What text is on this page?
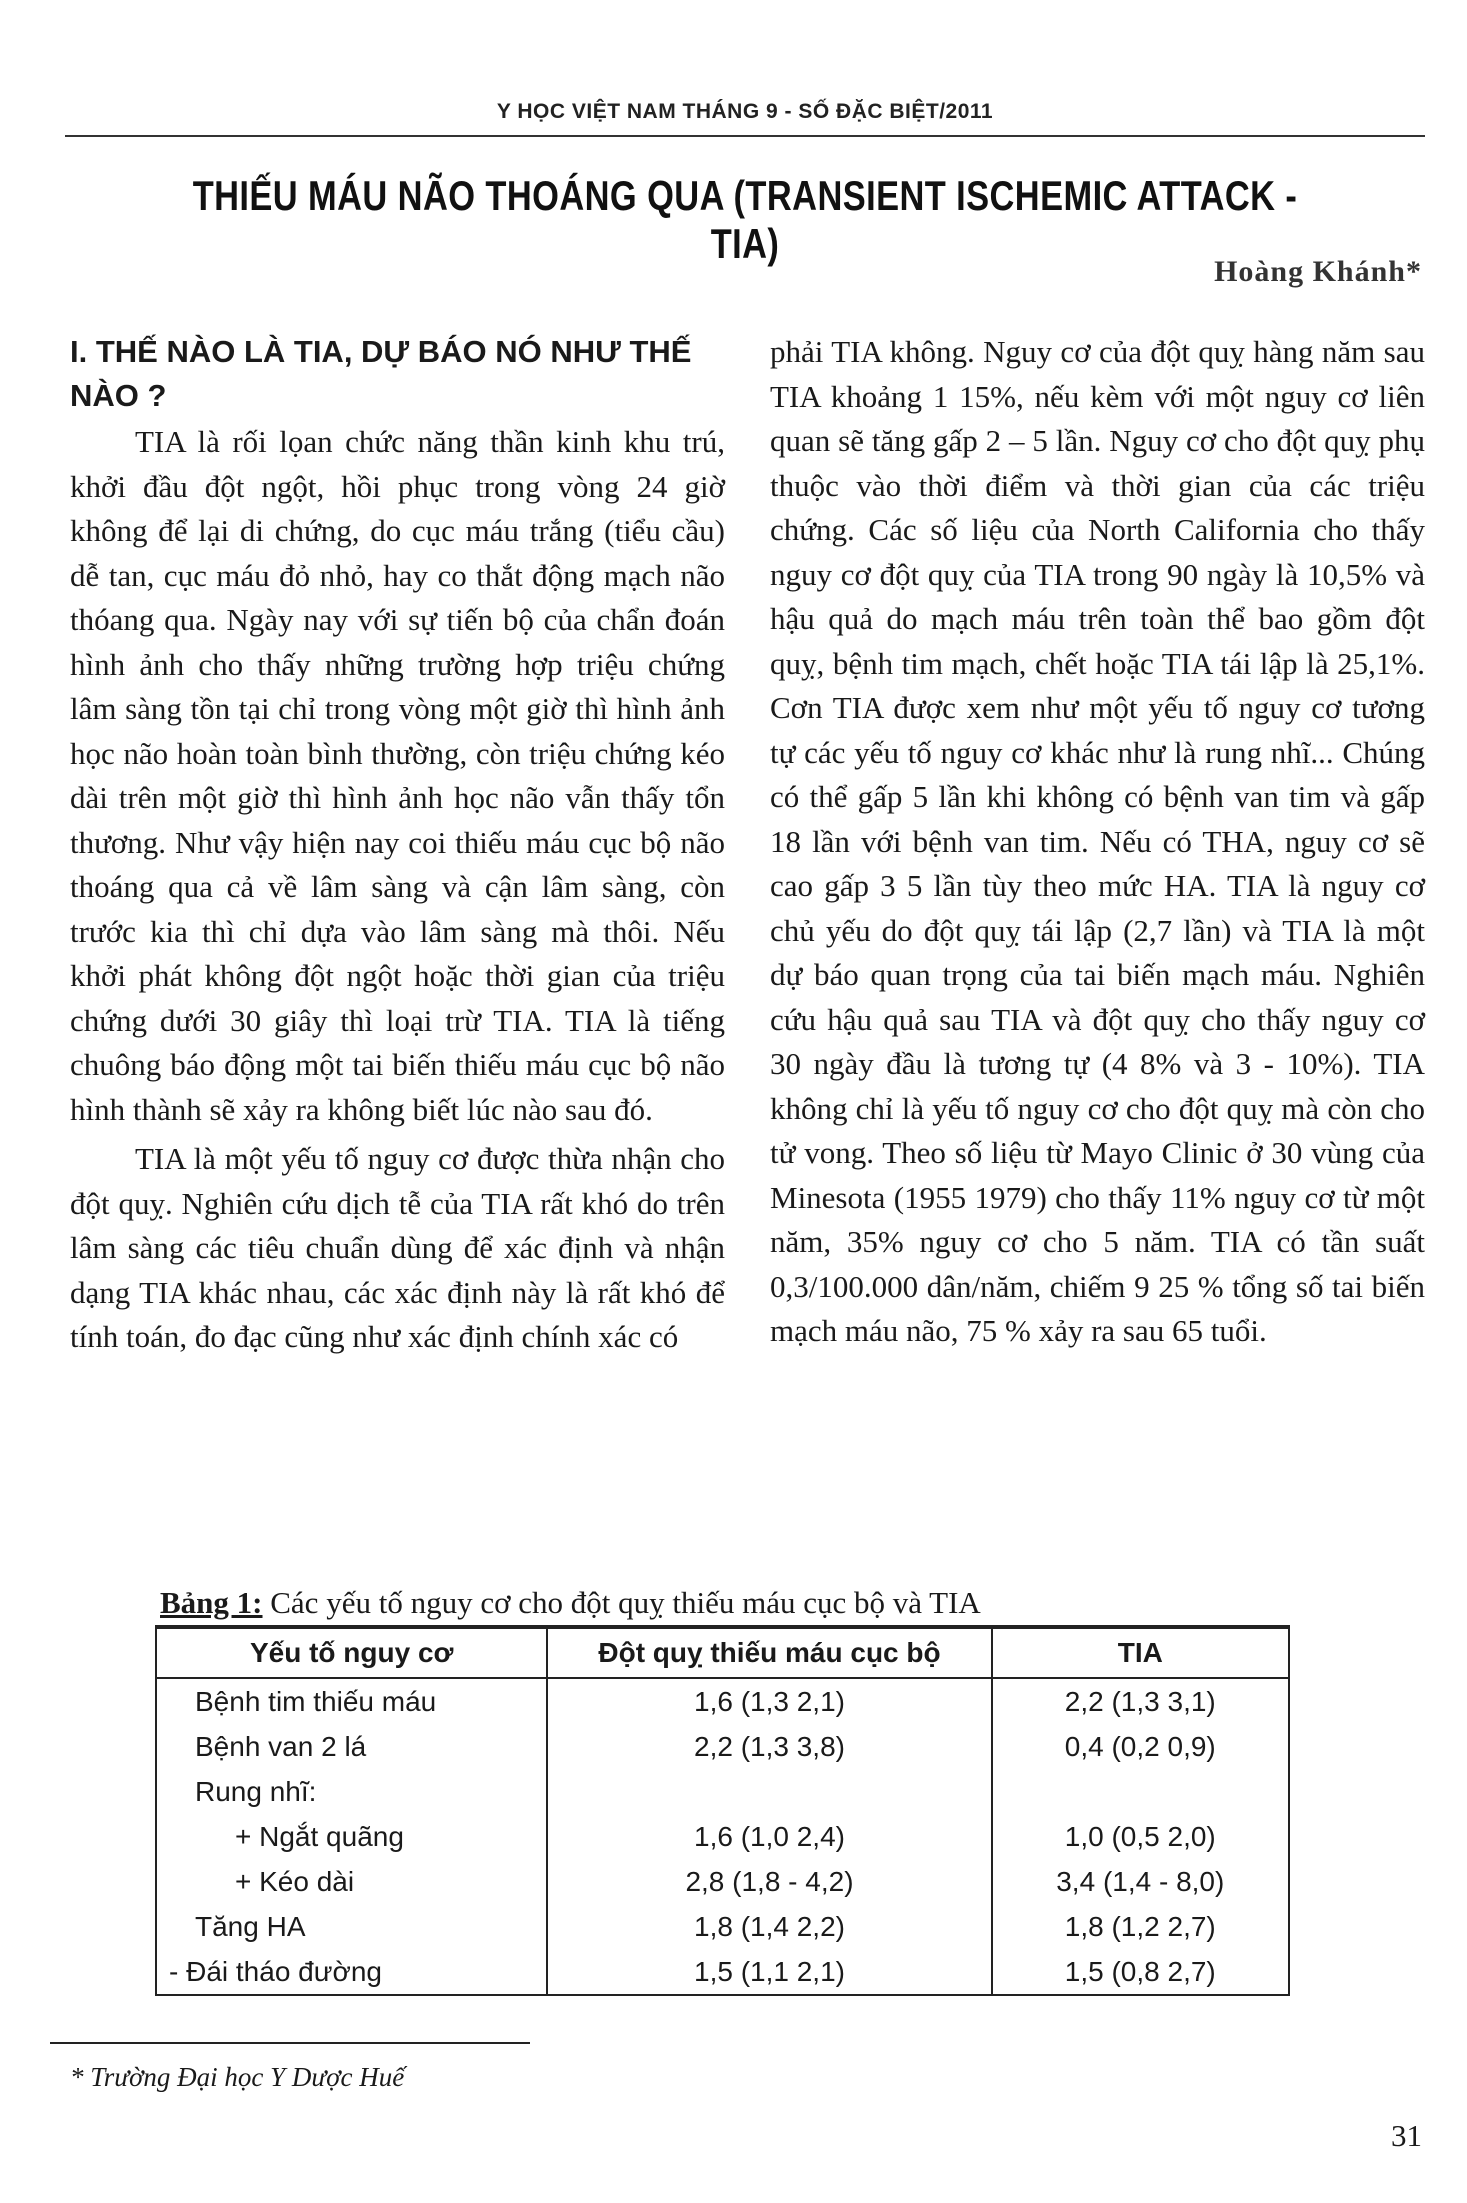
Y HỌC VIỆT NAM THÁNG 9 - SỐ ĐẶC BIỆT/2011
THIẾU MÁU NÃO THOÁNG QUA (TRANSIENT ISCHEMIC ATTACK - TIA)
Hoàng Khánh*
I. THẾ NÀO LÀ TIA, DỰ BÁO NÓ NHƯ THẾ NÀO ?

TIA là rối lọan chức năng thần kinh khu trú, khởi đầu đột ngột, hồi phục trong vòng 24 giờ không để lại di chứng, do cục máu trắng (tiểu cầu) dễ tan, cục máu đỏ nhỏ, hay co thắt động mạch não thóang qua. Ngày nay với sự tiến bộ của chẩn đoán hình ảnh cho thấy những trường hợp triệu chứng lâm sàng tồn tại chỉ trong vòng một giờ thì hình ảnh học não hoàn toàn bình thường, còn triệu chứng kéo dài trên một giờ thì hình ảnh học não vẫn thấy tổn thương. Như vậy hiện nay coi thiếu máu cục bộ não thoáng qua cả về lâm sàng và cận lâm sàng, còn trước kia thì chỉ dựa vào lâm sàng mà thôi. Nếu khởi phát không đột ngột hoặc thời gian của triệu chứng dưới 30 giây thì loại trừ TIA. TIA là tiếng chuông báo động một tai biến thiếu máu cục bộ não hình thành sẽ xảy ra không biết lúc nào sau đó.

TIA là một yếu tố nguy cơ được thừa nhận cho đột quỵ. Nghiên cứu dịch tễ của TIA rất khó do trên lâm sàng các tiêu chuẩn dùng để xác định và nhận dạng TIA khác nhau, các xác định này là rất khó để tính toán, đo đạc cũng như xác định chính xác có

phải TIA không. Nguy cơ của đột quỵ hàng năm sau TIA khoảng 1 15%, nếu kèm với một nguy cơ liên quan sẽ tăng gấp 2 – 5 lần. Nguy cơ cho đột quỵ phụ thuộc vào thời điểm và thời gian của các triệu chứng. Các số liệu của North California cho thấy nguy cơ đột quỵ của TIA trong 90 ngày là 10,5% và hậu quả do mạch máu trên toàn thể bao gồm đột quỵ, bệnh tim mạch, chết hoặc TIA tái lập là 25,1%. Cơn TIA được xem như một yếu tố nguy cơ tương tự các yếu tố nguy cơ khác như là rung nhĩ... Chúng có thể gấp 5 lần khi không có bệnh van tim và gấp 18 lần với bệnh van tim. Nếu có THA, nguy cơ sẽ cao gấp 3 5 lần tùy theo mức HA. TIA là nguy cơ chủ yếu do đột quỵ tái lập (2,7 lần) và TIA là một dự báo quan trọng của tai biến mạch máu. Nghiên cứu hậu quả sau TIA và đột quỵ cho thấy nguy cơ 30 ngày đầu là tương tự (4 8% và 3 - 10%). TIA không chỉ là yếu tố nguy cơ cho đột quỵ mà còn cho tử vong. Theo số liệu từ Mayo Clinic ở 30 vùng của Minesota (1955 1979) cho thấy 11% nguy cơ từ một năm, 35% nguy cơ cho 5 năm. TIA có tần suất 0,3/100.000 dân/năm, chiếm 9 25 % tổng số tai biến mạch máu não, 75 % xảy ra sau 65 tuổi.

Bảng 1: Các yếu tố nguy cơ cho đột quỵ thiếu máu cục bộ và TIA
Yếu tố nguy cơ	Đột quỵ thiếu máu cục bộ	TIA
Bệnh tim thiếu máu	1,6 (1,3 2,1)	2,2 (1,3 3,1)
Bệnh van 2 lá	2,2 (1,3 3,8)	0,4 (0,2 0,9)
Rung nhĩ:		
+ Ngắt quãng	1,6 (1,0 2,4)	1,0 (0,5 2,0)
+ Kéo dài	2,8 (1,8 - 4,2)	3,4 (1,4 - 8,0)
Tăng HA	1,8 (1,4 2,2)	1,8 (1,2 2,7)
- Đái tháo đường	1,5 (1,1 2,1)	1,5 (0,8 2,7)
* Trường Đại học Y Dược Huế
31
